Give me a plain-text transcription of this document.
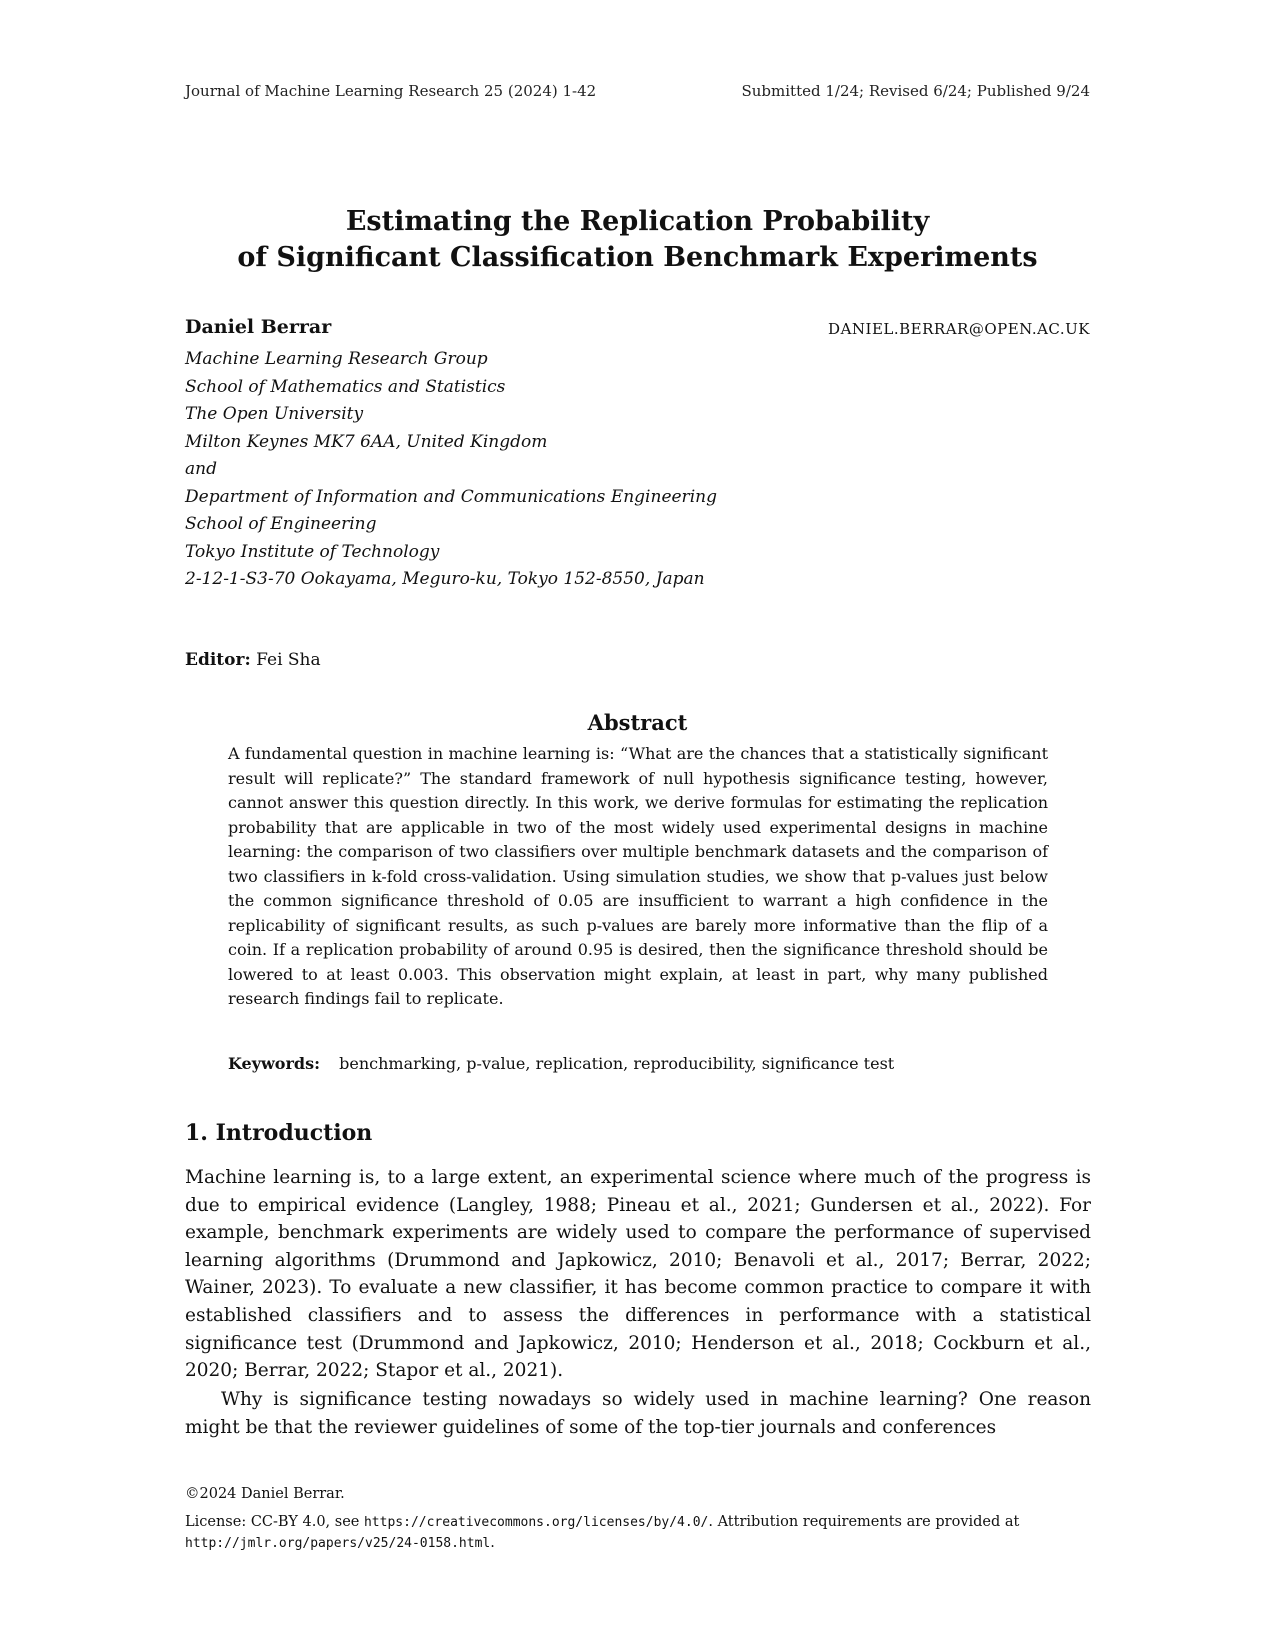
Journal of Machine Learning Research 25 (2024) 1-42	Submitted 1/24; Revised 6/24; Published 9/24
Estimating the Replication Probability
of Significant Classification Benchmark Experiments
Daniel Berrar	DANIEL.BERRAR@OPEN.AC.UK
Machine Learning Research Group
School of Mathematics and Statistics
The Open University
Milton Keynes MK7 6AA, United Kingdom
and
Department of Information and Communications Engineering
School of Engineering
Tokyo Institute of Technology
2-12-1-S3-70 Ookayama, Meguro-ku, Tokyo 152-8550, Japan
Editor: Fei Sha
Abstract
A fundamental question in machine learning is: “What are the chances that a statistically significant result will replicate?” The standard framework of null hypothesis significance testing, however, cannot answer this question directly. In this work, we derive formulas for estimating the replication probability that are applicable in two of the most widely used experimental designs in machine learning: the comparison of two classifiers over multiple benchmark datasets and the comparison of two classifiers in k-fold cross-validation. Using simulation studies, we show that p-values just below the common significance threshold of 0.05 are insufficient to warrant a high confidence in the replicability of significant results, as such p-values are barely more informative than the flip of a coin. If a replication probability of around 0.95 is desired, then the significance threshold should be lowered to at least 0.003. This observation might explain, at least in part, why many published research findings fail to replicate.
Keywords: benchmarking, p-value, replication, reproducibility, significance test
1. Introduction
Machine learning is, to a large extent, an experimental science where much of the progress is due to empirical evidence (Langley, 1988; Pineau et al., 2021; Gundersen et al., 2022). For example, benchmark experiments are widely used to compare the performance of supervised learning algorithms (Drummond and Japkowicz, 2010; Benavoli et al., 2017; Berrar, 2022; Wainer, 2023). To evaluate a new classifier, it has become common practice to compare it with established classifiers and to assess the differences in performance with a statistical significance test (Drummond and Japkowicz, 2010; Henderson et al., 2018; Cockburn et al., 2020; Berrar, 2022; Stapor et al., 2021).
Why is significance testing nowadays so widely used in machine learning? One reason might be that the reviewer guidelines of some of the top-tier journals and conferences
©2024 Daniel Berrar.
License: CC-BY 4.0, see https://creativecommons.org/licenses/by/4.0/. Attribution requirements are provided at http://jmlr.org/papers/v25/24-0158.html.
